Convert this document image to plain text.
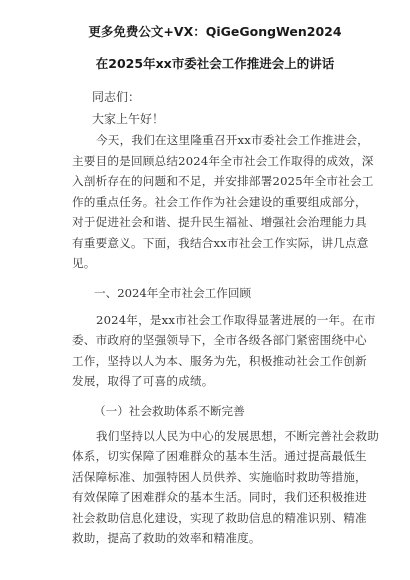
更多免费公文+VX：QiGeGongWen2024
在2025年xx市委社会工作推进会上的讲话

同志们：

大家上午好！

今天，我们在这里隆重召开xx市委社会工作推进会，
主要目的是回顾总结2024年全市社会工作取得的成效，深
入剖析存在的问题和不足，并安排部署2025年全市社会工
作的重点任务。社会工作作为社会建设的重要组成部分，
对于促进社会和谐、提升民生福祉、增强社会治理能力具
有重要意义。下面，我结合xx市社会工作实际，讲几点意
见。

一、2024年全市社会工作回顾

2024年，是xx市社会工作取得显著进展的一年。在市
委、市政府的坚强领导下，全市各级各部门紧密围绕中心
工作，坚持以人为本、服务为先，积极推动社会工作创新
发展，取得了可喜的成绩。

（一）社会救助体系不断完善

我们坚持以人民为中心的发展思想，不断完善社会救助
体系，切实保障了困难群众的基本生活。通过提高最低生
活保障标准、加强特困人员供养、实施临时救助等措施，
有效保障了困难群众的基本生活。同时，我们还积极推进
社会救助信息化建设，实现了救助信息的精准识别、精准
救助，提高了救助的效率和精准度。
